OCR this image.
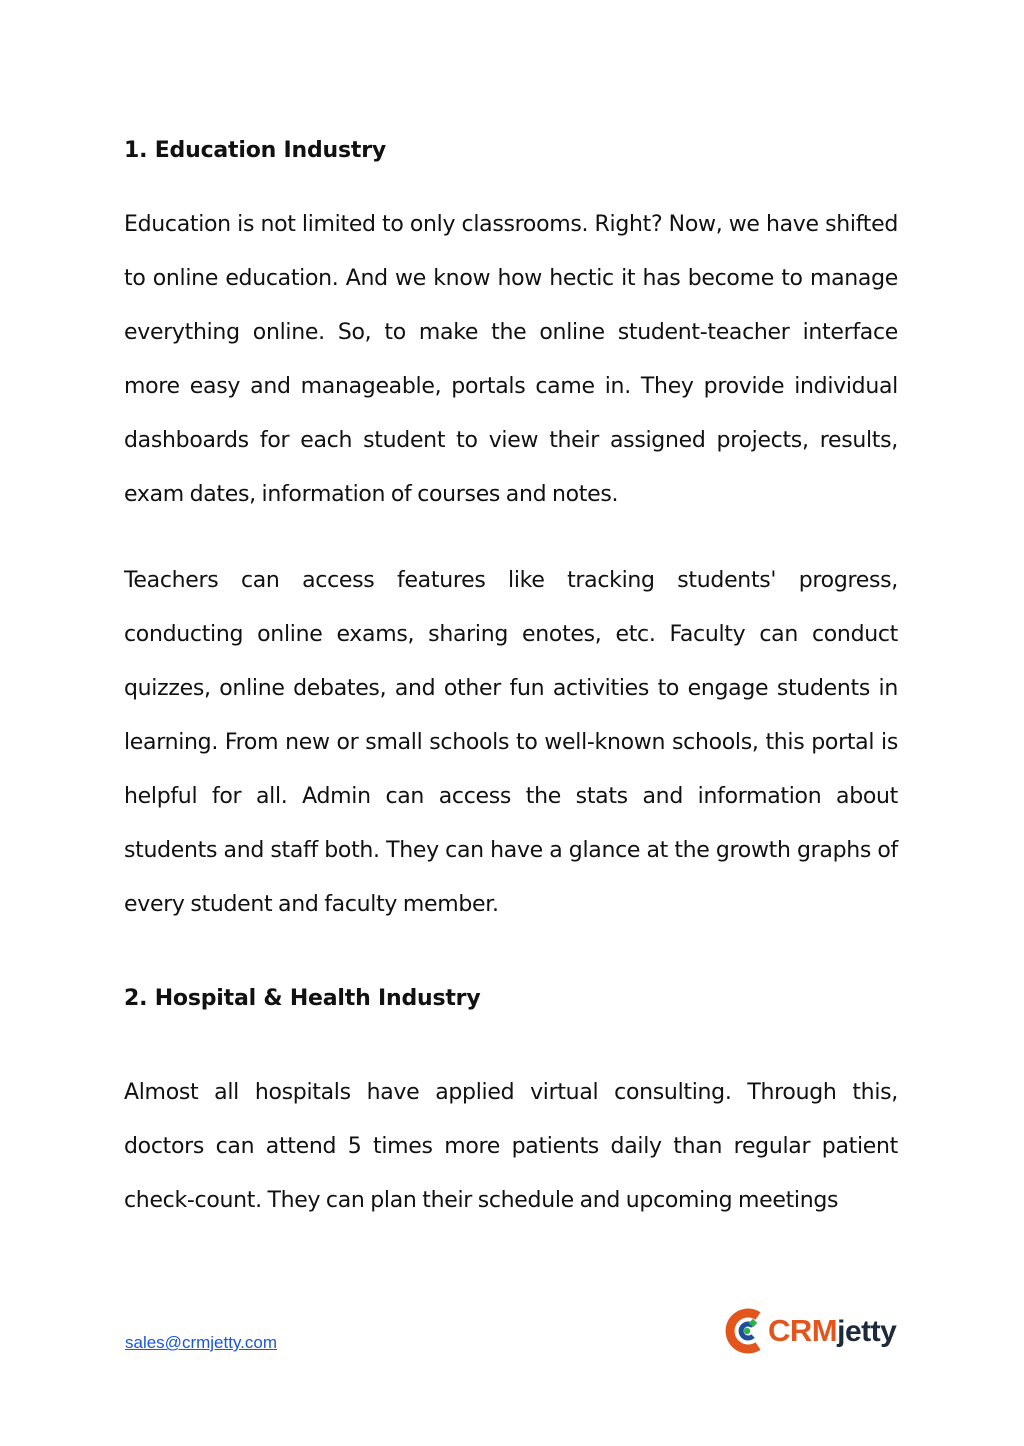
1. Education Industry

Education is not limited to only classrooms. Right? Now, we have shifted to online education. And we know how hectic it has become to manage everything online. So, to make the online student-teacher interface more easy and manageable, portals came in. They provide individual dashboards for each student to view their assigned projects, results, exam dates, information of courses and notes.

Teachers can access features like tracking students' progress, conducting online exams, sharing enotes, etc. Faculty can conduct quizzes, online debates, and other fun activities to engage students in learning. From new or small schools to well-known schools, this portal is helpful for all. Admin can access the stats and information about students and staff both. They can have a glance at the growth graphs of every student and faculty member.

2. Hospital & Health Industry

Almost all hospitals have applied virtual consulting. Through this, doctors can attend 5 times more patients daily than regular patient check-count. They can plan their schedule and upcoming meetings

sales@crmjetty.com	CRMjetty
